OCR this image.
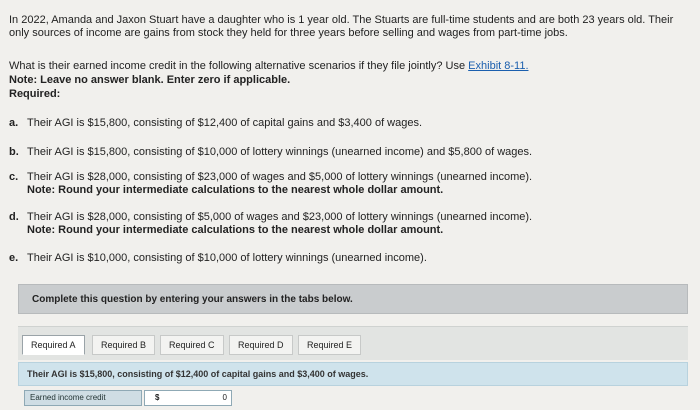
In 2022, Amanda and Jaxon Stuart have a daughter who is 1 year old. The Stuarts are full-time students and are both 23 years old. Their only sources of income are gains from stock they held for three years before selling and wages from part-time jobs.
What is their earned income credit in the following alternative scenarios if they file jointly? Use Exhibit 8-11.
Note: Leave no answer blank. Enter zero if applicable.
Required:
a. Their AGI is $15,800, consisting of $12,400 of capital gains and $3,400 of wages.
b. Their AGI is $15,800, consisting of $10,000 of lottery winnings (unearned income) and $5,800 of wages.
c. Their AGI is $28,000, consisting of $23,000 of wages and $5,000 of lottery winnings (unearned income).
Note: Round your intermediate calculations to the nearest whole dollar amount.
d. Their AGI is $28,000, consisting of $5,000 of wages and $23,000 of lottery winnings (unearned income).
Note: Round your intermediate calculations to the nearest whole dollar amount.
e. Their AGI is $10,000, consisting of $10,000 of lottery winnings (unearned income).
Complete this question by entering your answers in the tabs below.
Required A	Required B	Required C	Required D	Required E
Their AGI is $15,800, consisting of $12,400 of capital gains and $3,400 of wages.
Earned income credit	$	0
